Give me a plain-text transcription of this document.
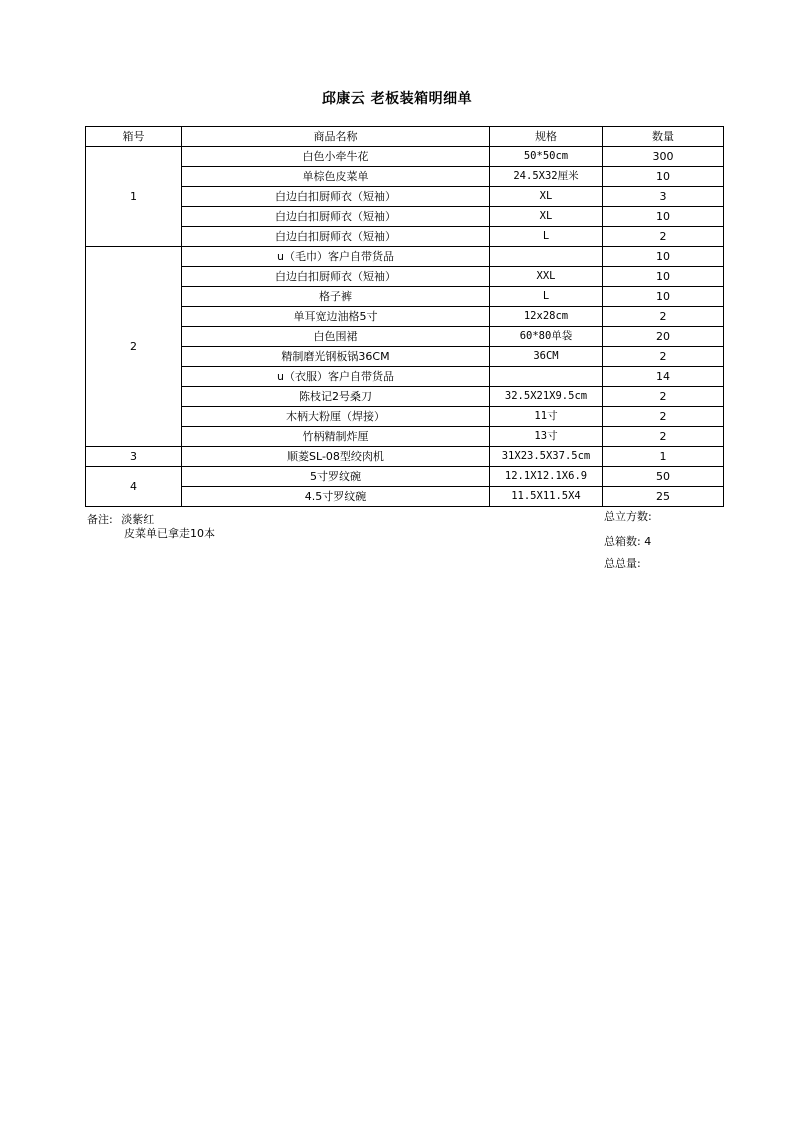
邱康云 老板装箱明细单
箱号	商品名称	规格	数量
1	白色小牵牛花	50*50cm	300
	单棕色皮菜单	24.5X32厘米	10
	白边白扣厨师衣（短袖）	XL	3
	白边白扣厨师衣（短袖）	XL	10
	白边白扣厨师衣（短袖）	L	2
2	u（毛巾）客户自带货品		10
	白边白扣厨师衣（短袖）	XXL	10
	格子裤	L	10
	单耳宽边油格5寸	12x28cm	2
	白色围裙	60*80单袋	20
	精制磨光钢板锅36CM	36CM	2
	u（衣服）客户自带货品		14
	陈枝记2号桑刀	32.5X21X9.5cm	2
	木柄大粉厘（焊接）	11寸	2
	竹柄精制炸厘	13寸	2
3	顺菱SL-08型绞肉机	31X23.5X37.5cm	1
4	5寸罗纹碗	12.1X12.1X6.9	50
	4.5寸罗纹碗	11.5X11.5X4	25
备注: 淡紫红
皮菜单已拿走10本
总立方数:
总箱数: 4
总总量:
